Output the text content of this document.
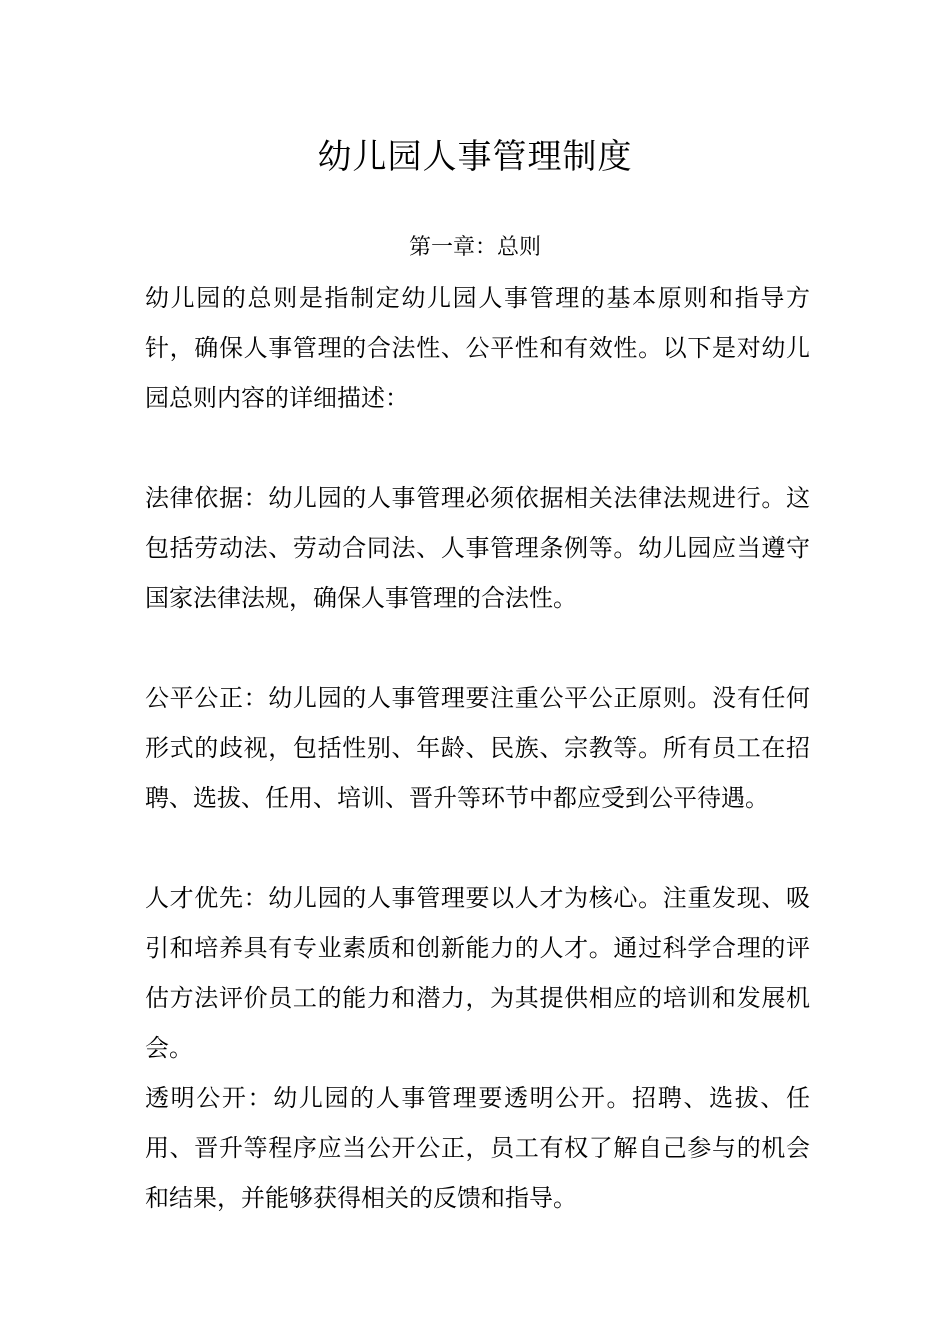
幼儿园人事管理制度
第一章：总则

幼儿园的总则是指制定幼儿园人事管理的基本原则和指导方针，确保人事管理的合法性、公平性和有效性。以下是对幼儿园总则内容的详细描述：

法律依据：幼儿园的人事管理必须依据相关法律法规进行。这包括劳动法、劳动合同法、人事管理条例等。幼儿园应当遵守国家法律法规，确保人事管理的合法性。

公平公正：幼儿园的人事管理要注重公平公正原则。没有任何形式的歧视，包括性别、年龄、民族、宗教等。所有员工在招聘、选拔、任用、培训、晋升等环节中都应受到公平待遇。

人才优先：幼儿园的人事管理要以人才为核心。注重发现、吸引和培养具有专业素质和创新能力的人才。通过科学合理的评估方法评价员工的能力和潜力，为其提供相应的培训和发展机会。

透明公开：幼儿园的人事管理要透明公开。招聘、选拔、任用、晋升等程序应当公开公正，员工有权了解自己参与的机会和结果，并能够获得相关的反馈和指导。
